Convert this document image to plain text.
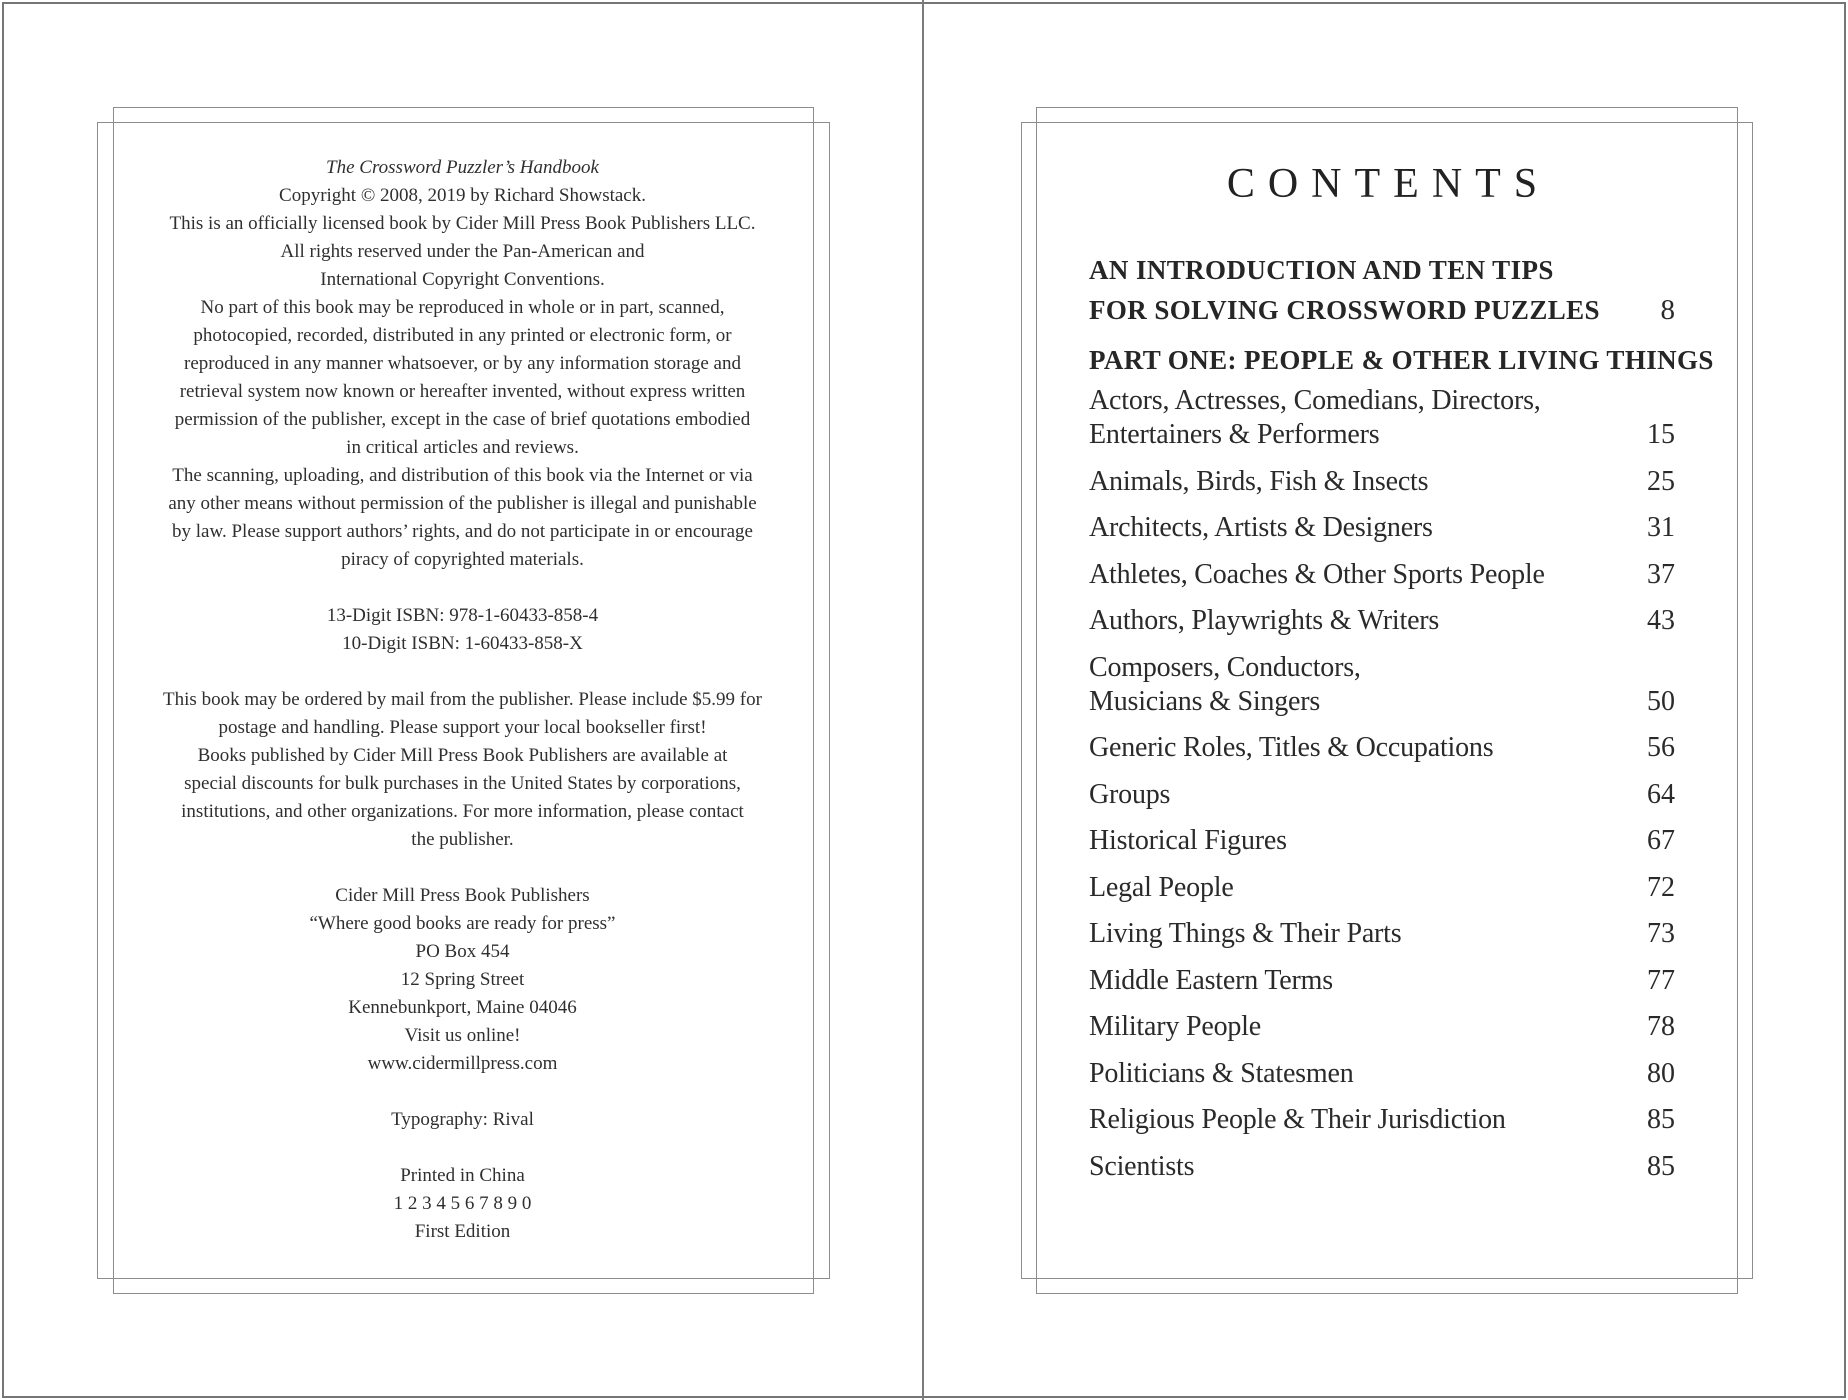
The Crossword Puzzler’s Handbook
Copyright © 2008, 2019 by Richard Showstack.
This is an officially licensed book by Cider Mill Press Book Publishers LLC.
All rights reserved under the Pan-American and
International Copyright Conventions.
No part of this book may be reproduced in whole or in part, scanned,
photocopied, recorded, distributed in any printed or electronic form, or
reproduced in any manner whatsoever, or by any information storage and
retrieval system now known or hereafter invented, without express written
permission of the publisher, except in the case of brief quotations embodied
in critical articles and reviews.
The scanning, uploading, and distribution of this book via the Internet or via
any other means without permission of the publisher is illegal and punishable
by law. Please support authors’ rights, and do not participate in or encourage
piracy of copyrighted materials.
13-Digit ISBN: 978-1-60433-858-4
10-Digit ISBN: 1-60433-858-X
This book may be ordered by mail from the publisher. Please include $5.99 for
postage and handling. Please support your local bookseller first!
Books published by Cider Mill Press Book Publishers are available at
special discounts for bulk purchases in the United States by corporations,
institutions, and other organizations. For more information, please contact
the publisher.
Cider Mill Press Book Publishers
“Where good books are ready for press”
PO Box 454
12 Spring Street
Kennebunkport, Maine 04046
Visit us online!
www.cidermillpress.com
Typography: Rival
Printed in China
1 2 3 4 5 6 7 8 9 0
First Edition
CONTENTS
AN INTRODUCTION AND TEN TIPS
FOR SOLVING CROSSWORD PUZZLES	8
PART ONE: PEOPLE & OTHER LIVING THINGS
Actors, Actresses, Comedians, Directors,
Entertainers & Performers	15
Animals, Birds, Fish & Insects	25
Architects, Artists & Designers	31
Athletes, Coaches & Other Sports People	37
Authors, Playwrights & Writers	43
Composers, Conductors,
Musicians & Singers	50
Generic Roles, Titles & Occupations	56
Groups	64
Historical Figures	67
Legal People	72
Living Things & Their Parts	73
Middle Eastern Terms	77
Military People	78
Politicians & Statesmen	80
Religious People & Their Jurisdiction	85
Scientists	85
